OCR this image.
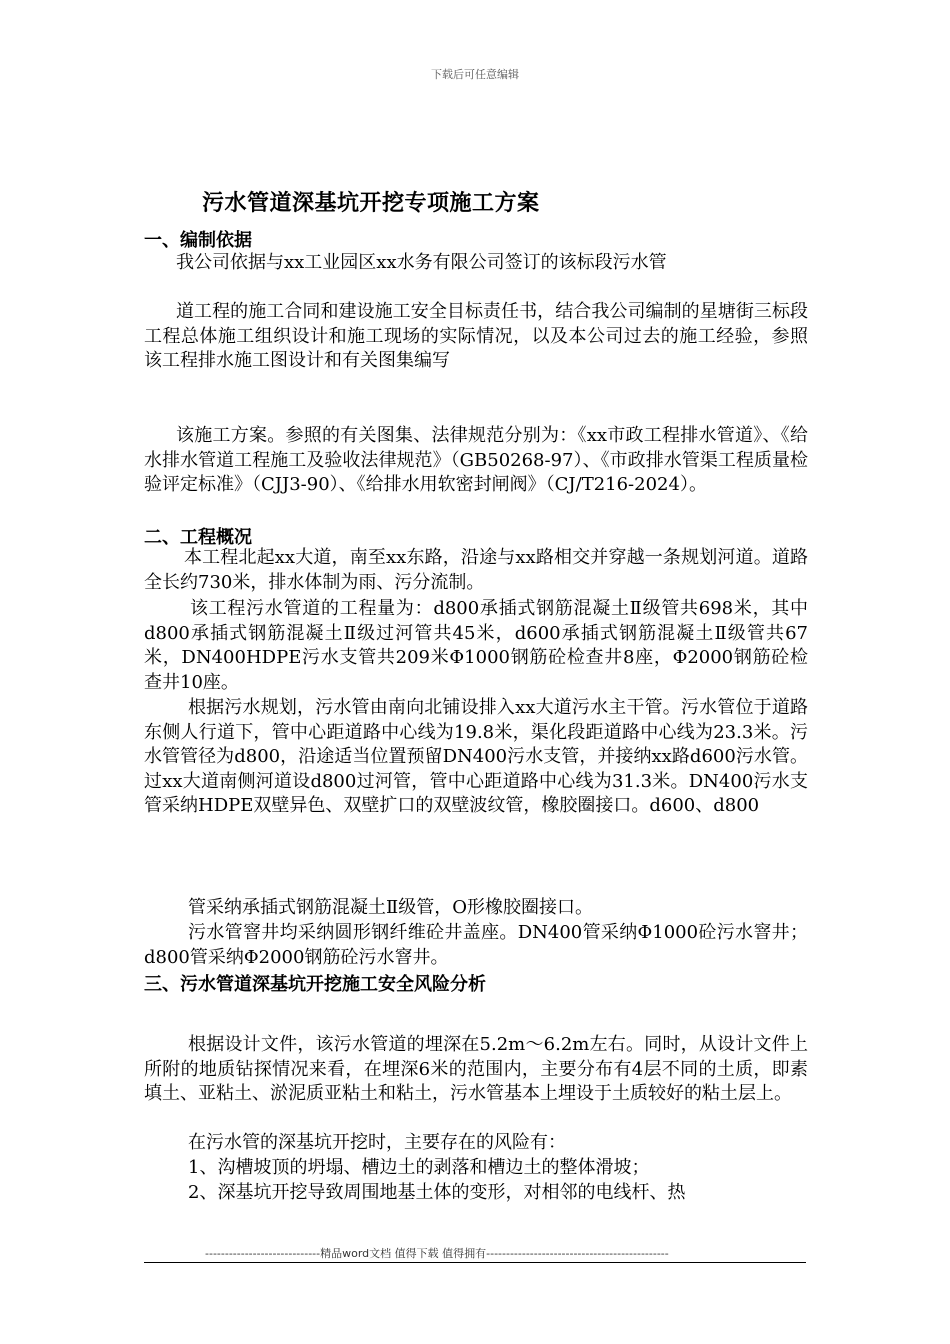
下载后可任意编辑
污水管道深基坑开挖专项施工方案
一、编制依据

我公司依据与xx工业园区xx水务有限公司签订的该标段污水管

道工程的施工合同和建设施工安全目标责任书，结合我公司编制的星塘街三标段工程总体施工组织设计和施工现场的实际情况，以及本公司过去的施工经验，参照该工程排水施工图设计和有关图集编写

该施工方案。参照的有关图集、法律规范分别为：《xx市政工程排水管道》、《给水排水管道工程施工及验收法律规范》（GB50268-97）、《市政排水管渠工程质量检验评定标准》（CJJ3-90）、《给排水用软密封闸阀》（CJ/T216-2024）。

二、工程概况

本工程北起xx大道，南至xx东路，沿途与xx路相交并穿越一条规划河道。道路全长约730米，排水体制为雨、污分流制。

该工程污水管道的工程量为：d800承插式钢筋混凝土Ⅱ级管共698米，其中d800承插式钢筋混凝土Ⅱ级过河管共45米，d600承插式钢筋混凝土Ⅱ级管共67米，DN400HDPE污水支管共209米Φ1000钢筋砼检查井8座，Φ2000钢筋砼检查井10座。

根据污水规划，污水管由南向北铺设排入xx大道污水主干管。污水管位于道路东侧人行道下，管中心距道路中心线为19.8米，渠化段距道路中心线为23.3米。污水管管径为d800，沿途适当位置预留DN400污水支管，并接纳xx路d600污水管。过xx大道南侧河道设d800过河管，管中心距道路中心线为31.3米。DN400污水支管采纳HDPE双壁异色、双壁扩口的双壁波纹管，橡胶圈接口。d600、d800

管采纳承插式钢筋混凝土Ⅱ级管，O形橡胶圈接口。

污水管窨井均采纳圆形钢纤维砼井盖座。DN400管采纳Φ1000砼污水窨井；d800管采纳Φ2000钢筋砼污水窨井。

三、污水管道深基坑开挖施工安全风险分析

根据设计文件，该污水管道的埋深在5.2m～6.2m左右。同时，从设计文件上所附的地质钻探情况来看，在埋深6米的范围内，主要分布有4层不同的土质，即素填土、亚粘土、淤泥质亚粘土和粘土，污水管基本上埋设于土质较好的粘土层上。

在污水管的深基坑开挖时，主要存在的风险有：

1、沟槽坡顶的坍塌、槽边土的剥落和槽边土的整体滑坡；

2、深基坑开挖导致周围地基土体的变形，对相邻的电线杆、热

-----------------------------精品word文档 值得下载 值得拥有----------------------------------------------
